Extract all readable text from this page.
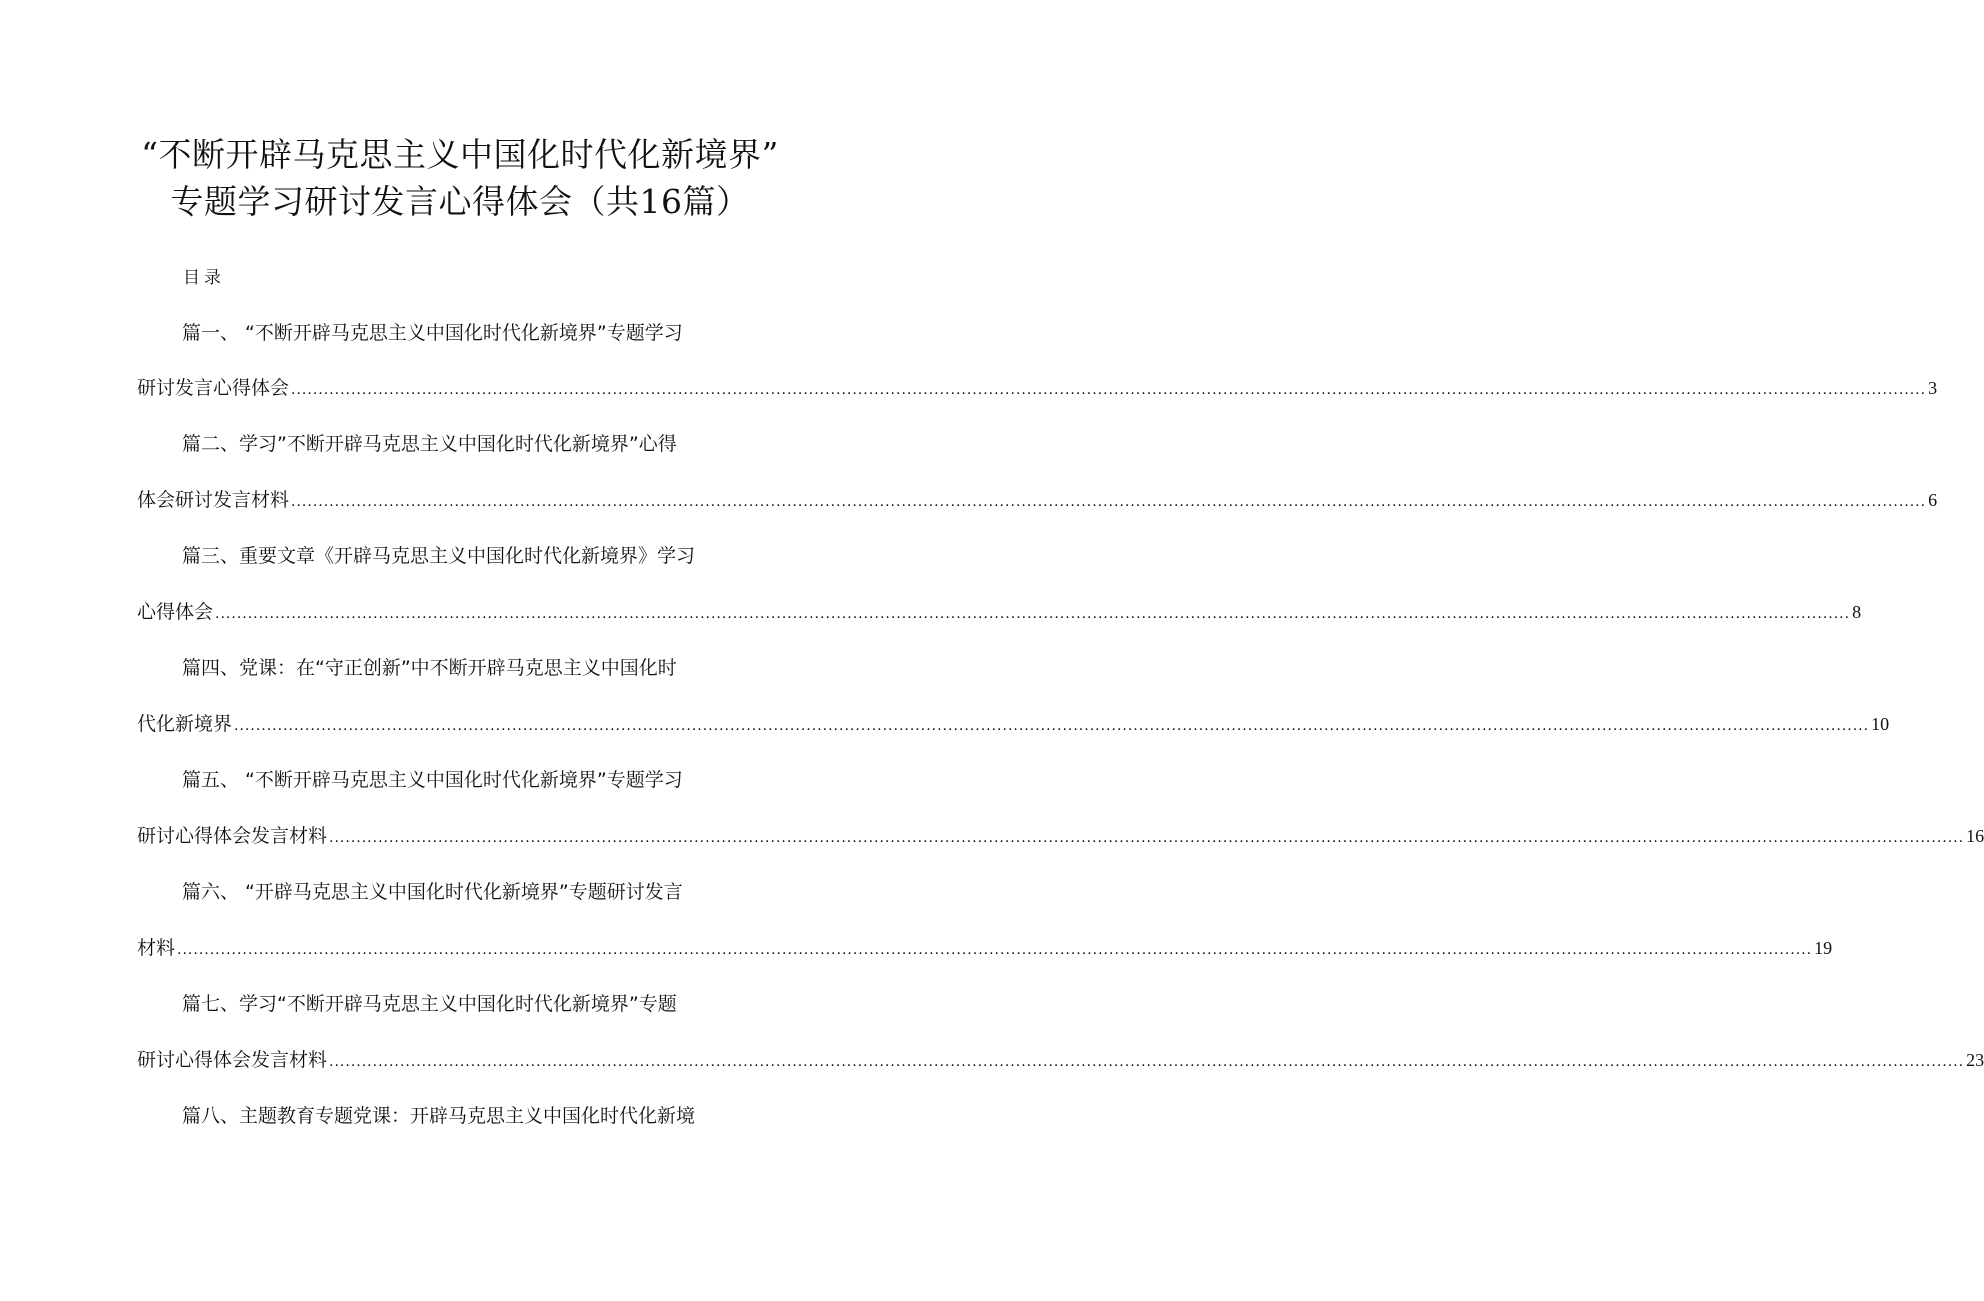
“不断开辟马克思主义中国化时代化新境界”
专题学习研讨发言心得体会（共16篇）
目录
篇一、 “不断开辟马克思主义中国化时代化新境界”专题学习
研讨发言心得体会 ............................................................................................................................................................................................................................................................................................................ 3
篇二、学习”不断开辟马克思主义中国化时代化新境界”心得
体会研讨发言材料 ............................................................................................................................................................................................................................................................................................................ 6
篇三、重要文章《开辟马克思主义中国化时代化新境界》学习
心得体会 ............................................................................................................................................................................................................................................................................................................ 8
篇四、党课：在“守正创新”中不断开辟马克思主义中国化时
代化新境界 ............................................................................................................................................................................................................................................................................................................ 10
篇五、 “不断开辟马克思主义中国化时代化新境界”专题学习
研讨心得体会发言材料 ............................................................................................................................................................................................................................................................................................................ 16
篇六、 “开辟马克思主义中国化时代化新境界”专题研讨发言
材料 ............................................................................................................................................................................................................................................................................................................ 19
篇七、学习“不断开辟马克思主义中国化时代化新境界”专题
研讨心得体会发言材料 ............................................................................................................................................................................................................................................................................................................ 23
篇八、主题教育专题党课：开辟马克思主义中国化时代化新境
